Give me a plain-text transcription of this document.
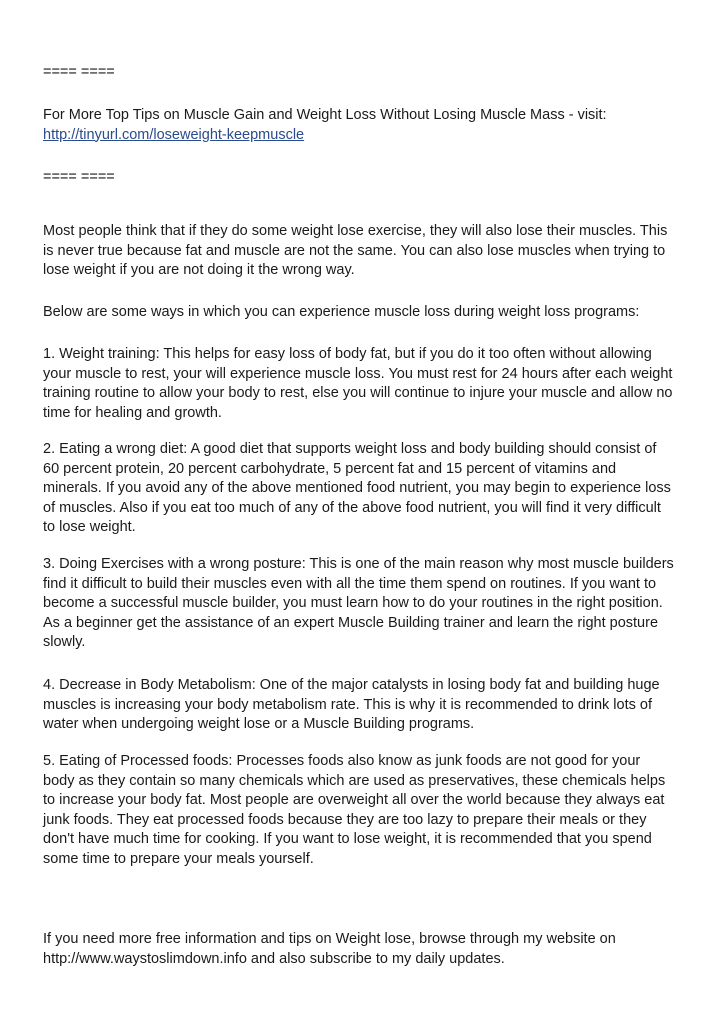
==== ====
For More Top Tips on Muscle Gain and Weight Loss Without Losing Muscle Mass - visit:
http://tinyurl.com/loseweight-keepmuscle
==== ====
Most people think that if they do some weight lose exercise, they will also lose their muscles. This
is never true because fat and muscle are not the same. You can also lose muscles when trying to
lose weight if you are not doing it the wrong way.
Below are some ways in which you can experience muscle loss during weight loss programs:
1. Weight training: This helps for easy loss of body fat, but if you do it too often without allowing
your muscle to rest, your will experience muscle loss. You must rest for 24 hours after each weight
training routine to allow your body to rest, else you will continue to injure your muscle and allow no
time for healing and growth.
2. Eating a wrong diet: A good diet that supports weight loss and body building should consist of
60 percent protein, 20 percent carbohydrate, 5 percent fat and 15 percent of vitamins and
minerals. If you avoid any of the above mentioned food nutrient, you may begin to experience loss
of muscles. Also if you eat too much of any of the above food nutrient, you will find it very difficult
to lose weight.
3. Doing Exercises with a wrong posture: This is one of the main reason why most muscle builders
find it difficult to build their muscles even with all the time them spend on routines. If you want to
become a successful muscle builder, you must learn how to do your routines in the right position.
As a beginner get the assistance of an expert Muscle Building trainer and learn the right posture
slowly.
4. Decrease in Body Metabolism: One of the major catalysts in losing body fat and building huge
muscles is increasing your body metabolism rate. This is why it is recommended to drink lots of
water when undergoing weight lose or a Muscle Building programs.
5. Eating of Processed foods: Processes foods also know as junk foods are not good for your
body as they contain so many chemicals which are used as preservatives, these chemicals helps
to increase your body fat. Most people are overweight all over the world because they always eat
junk foods. They eat processed foods because they are too lazy to prepare their meals or they
don't have much time for cooking. If you want to lose weight, it is recommended that you spend
some time to prepare your meals yourself.
If you need more free information and tips on Weight lose, browse through my website on
http://www.waystoslimdown.info and also subscribe to my daily updates.
